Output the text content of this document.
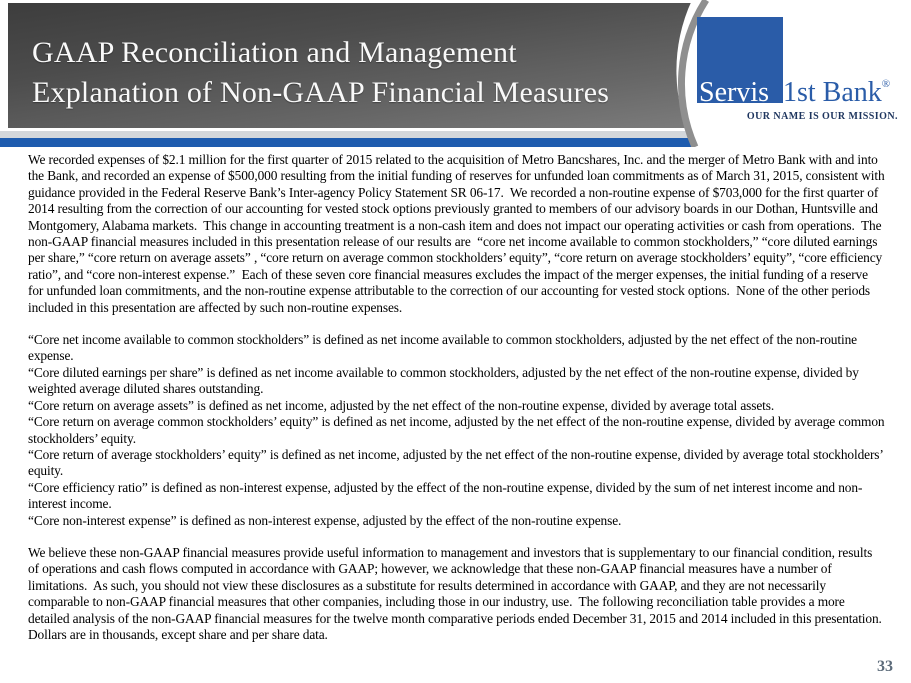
GAAP Reconciliation and Management
Explanation of Non-GAAP Financial Measures	Servis 1st Bank®
OUR NAME IS OUR MISSION.

We recorded expenses of $2.1 million for the first quarter of 2015 related to the acquisition of Metro Bancshares, Inc. and the merger of Metro Bank with and into the Bank, and recorded an expense of $500,000 resulting from the initial funding of reserves for unfunded loan commitments as of March 31, 2015, consistent with guidance provided in the Federal Reserve Bank’s Inter-agency Policy Statement SR 06-17.  We recorded a non-routine expense of $703,000 for the first quarter of 2014 resulting from the correction of our accounting for vested stock options previously granted to members of our advisory boards in our Dothan, Huntsville and Montgomery, Alabama markets.  This change in accounting treatment is a non-cash item and does not impact our operating activities or cash from operations.  The non-GAAP financial measures included in this presentation release of our results are  “core net income available to common stockholders,” “core diluted earnings per share,” “core return on average assets” , “core return on average common stockholders’ equity”, “core return on average stockholders’ equity”, “core efficiency ratio”, and “core non-interest expense.”  Each of these seven core financial measures excludes the impact of the merger expenses, the initial funding of a reserve for unfunded loan commitments, and the non-routine expense attributable to the correction of our accounting for vested stock options.  None of the other periods included in this presentation are affected by such non-routine expenses.

“Core net income available to common stockholders” is defined as net income available to common stockholders, adjusted by the net effect of the non-routine expense.

“Core diluted earnings per share” is defined as net income available to common stockholders, adjusted by the net effect of the non-routine expense, divided by weighted average diluted shares outstanding.

“Core return on average assets” is defined as net income, adjusted by the net effect of the non-routine expense, divided by average total assets.

“Core return on average common stockholders’ equity” is defined as net income, adjusted by the net effect of the non-routine expense, divided by average common stockholders’ equity.

“Core return of average stockholders’ equity” is defined as net income, adjusted by the net effect of the non-routine expense, divided by average total stockholders’ equity.

“Core efficiency ratio” is defined as non-interest expense, adjusted by the effect of the non-routine expense, divided by the sum of net interest income and non-interest income.

“Core non-interest expense” is defined as non-interest expense, adjusted by the effect of the non-routine expense.

We believe these non-GAAP financial measures provide useful information to management and investors that is supplementary to our financial condition, results of operations and cash flows computed in accordance with GAAP; however, we acknowledge that these non-GAAP financial measures have a number of limitations.  As such, you should not view these disclosures as a substitute for results determined in accordance with GAAP, and they are not necessarily comparable to non-GAAP financial measures that other companies, including those in our industry, use.  The following reconciliation table provides a more detailed analysis of the non-GAAP financial measures for the twelve month comparative periods ended December 31, 2015 and 2014 included in this presentation.  Dollars are in thousands, except share and per share data.

33
